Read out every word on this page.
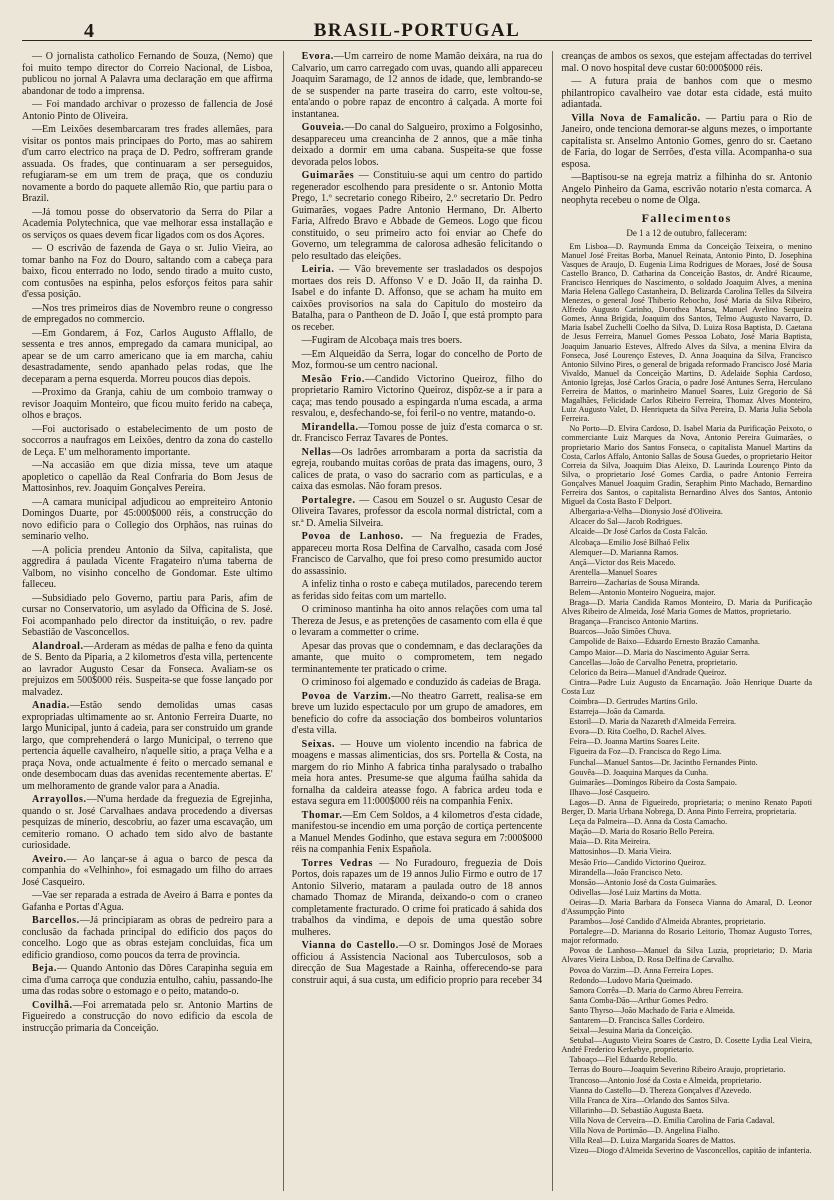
4	BRASIL-PORTUGAL

— O jornalista catholico Fernando de Souza, (Nemo) que foi muito tempo director do Correio Nacional, de Lisboa, publicou no jornal A Palavra uma declaração em que affirma abandonar de todo a imprensa.

— Foi mandado archivar o prozesso de fallencia de José Antonio Pinto de Oliveira.

—Em Leixões desembarcaram tres frades allemães, para visitar os pontos mais principaes do Porto, mas ao sahirem d'um carro electrico na praça de D. Pedro, soffreram grande assuada. Os frades, que continuaram a ser perseguidos, refugiaram-se em um trem de praça, que os conduziu novamente a bordo do paquete allemão Rio, que partiu para o Brazil.

—Já tomou posse do observatorio da Serra do Pilar a Academia Polytechnica, que vae melhorar essa installação e os serviços os quaes devem ficar ligados com os dos Açores.

— O escrivão de fazenda de Gaya o sr. Julio Vieira, ao tomar banho na Foz do Douro, saltando com a cabeça para baixo, ficou enterrado no lodo, sendo tirado a muito custo, com contusões na espinha, pelos esforços feitos para sahir d'essa posição.

—Nos tres primeiros dias de Novembro reune o congresso de empregados no commercio.

—Em Gondarem, á Foz, Carlos Augusto Afflallo, de sessenta e tres annos, empregado da camara municipal, ao apear se de um carro americano que ia em marcha, cahiu desastradamente, sendo apanhado pelas rodas, que lhe deceparam a perna esquerda. Morreu poucos dias depois.

—Proximo da Granja, cahiu de um comboio tramway o revisor Joaquim Monteiro, que ficou muito ferido na cabeça, olhos e braços.

—Foi auctorisado o estabelecimento de um posto de soccorros a naufragos em Leixões, dentro da zona do castello de Leça. E' um melhoramento importante.

—Na accasião em que dizia missa, teve um ataque apopletico o capellão da Real Confraria do Bom Jesus de Mattosinhos, rev. Joaquim Gonçalves Pereira.

—A camara municipal adjudicou ao empreiteiro Antonio Domingos Duarte, por 45:000$000 réis, a construcção do novo edificio para o Collegio dos Orphãos, nas ruinas do seminario velho.

—A policia prendeu Antonio da Silva, capitalista, que aggredira á paulada Vicente Fragateiro n'uma taberna de Valbom, no visinho concelho de Gondomar. Este ultimo falleceu.

—Subsidiado pelo Governo, partiu para Paris, afim de cursar no Conservatorio, um asylado da Officina de S. José. Foi acompanhado pelo director da instituição, o rev. padre Sebastião de Vasconcellos.

Alandroal.—Arderam as médas de palha e feno da quinta de S. Bento da Piparia, a 2 kilometros d'esta villa, pertencente ao lavrador Augusto Cesar da Fonseca. Avaliam-se os prejuizos em 500$000 réis. Suspeita-se que fosse lançado por malvadez.

Anadia.—Estão sendo demolidas umas casas expropriadas ultimamente ao sr. Antonio Ferreira Duarte, no largo Municipal, junto á cadeia, para ser construido um grande largo, que comprehenderá o largo Municipal, o terreno que pertencia áquelle cavalheiro, n'aquelle sitio, a praça Velha e a praça Nova, onde actualmente é feito o mercado semanal e onde desembocam duas das avenidas recentemente abertas. E' um melhoramento de grande valor para a Anadia.

Arrayollos.—N'uma herdade da freguezia de Egrejinha, quando o sr. José Carvalhaes andava procedendo a diversas pesquizas de minerio, descobriu, ao fazer uma escavação, um cemiterio romano. O achado tem sido alvo de bastante curiosidade.

Aveiro.— Ao lançar-se á agua o barco de pesca da companhia do «Velhinho», foi esmagado um filho do arraes José Casqueiro.

—Vae ser reparada a estrada de Aveiro á Barra e pontes da Gafanha e Portas d'Agua.

Barcellos.—Já principiaram as obras de pedreiro para a conclusão da fachada principal do edificio dos paços do concelho. Logo que as obras estejam concluidas, fica um edificio grandioso, como poucos da terra de provincia.

Beja.— Quando Antonio das Dôres Carapinha seguia em cima d'uma carroça que conduzia entulho, cahiu, passando-lhe uma das rodas sobre o estomago e o peito, matando-o.

Covilhã.—Foi arrematada pelo sr. Antonio Martins de Figueiredo a construcção do novo edificio da escola de instrucção primaria da Conceição.

Evora.—Um carreiro de nome Mamão deixára, na rua do Calvario, um carro carregado com uvas, quando alli appareceu Joaquim Saramago, de 12 annos de idade, que, lembrando-se de se suspender na parte traseira do carro, este voltou-se, enta'ando o pobre rapaz de encontro á calçada. A morte foi instantanea.

Gouveia.—Do canal do Salgueiro, proximo a Folgosinho, desappareceu uma creancinha de 2 annos, que a mãe tinha deixado a dormir em uma cabana. Suspeita-se que fosse devorada pelos lobos.

Guimarães — Constituiu-se aqui um centro do partido regenerador escolhendo para presidente o sr. Antonio Motta Prego, 1.º secretario conego Ribeiro, 2.º secretario Dr. Pedro Guimarães, vogaes Padre Antonio Hermano, Dr. Alberto Faria, Alfredo Bravo e Abbade de Gemeos. Logo que ficou constituido, o seu primeiro acto foi enviar ao Chefe do Governo, um telegramma de calorosa adhesão felicitando o pelo resultado das eleições.

Leiria. — Vão brevemente ser trasladados os despojos mortaes dos reis D. Affonso V e D. João II, da rainha D. Isabel e do infante D. Affonso, que se acham ha muito em caixões provisorios na sala do Capitulo do mosteiro da Batalha, para o Pantheon de D. João I, que está prompto para os receber.

—Fugiram de Alcobaça mais tres boers.

—Em Alqueidão da Serra, logar do concelho de Porto de Moz, formou-se um centro nacional.

Mesão Frio.—Candido Victorino Queiroz, filho do proprietario Ramiro Victorino Queiroz, dispôz-se a ir para a caça; mas tendo pousado a espingarda n'uma escada, a arma resvalou, e, desfechando-se, foi feril-o no ventre, matando-o.

Mirandella.—Tomou posse de juiz d'esta comarca o sr. dr. Francisco Ferraz Tavares de Pontes.

Nellas—Os ladrões arrombaram a porta da sacristia da egreja, roubando muitas corôas de prata das imagens, ouro, 3 calices de prata, o vaso do sacrario com as particulas, e a caixa das esmolas. Não foram presos.

Portalegre. — Casou em Souzel o sr. Augusto Cesar de Oliveira Tavares, professor da escola normal districtal, com a sr.ª D. Amelia Silveira.

Povoa de Lanhoso. — Na freguezia de Frades, appareceu morta Rosa Delfina de Carvalho, casada com José Francisco de Carvalho, que foi preso como presumido auctor do assassinio.

A infeliz tinha o rosto e cabeça mutilados, parecendo terem as feridas sido feitas com um martello.

O criminoso mantinha ha oito annos relações com uma tal Thereza de Jesus, e as pretenções de casamento com ella é que o levaram a commetter o crime.

Apesar das provas que o condemnam, e das declarações da amante, que muito o comprometem, tem negado terminantemente ter praticado o crime.

O criminoso foi algemado e conduzido ás cadeias de Braga.

Povoa de Varzim.—No theatro Garrett, realisa-se em breve um luzido espectaculo por um grupo de amadores, em beneficio do cofre da associação dos bombeiros voluntarios d'esta villa.

Seixas. — Houve um violento incendio na fabrica de moagens e massas alimenticias, dos srs. Portella & Costa, na margem do rio Minho A fabrica tinha paralysado o trabalho meia hora antes. Presume-se que alguma faúlha sahida da fornalha da caldeira ateasse fogo. A fabrica ardeu toda e estava segura em 11:000$000 réis na companhia Fenix.

Thomar.—Em Cem Soldos, a 4 kilometros d'esta cidade, manifestou-se incendio em uma porção de cortiça pertencente a Manuel Mendes Godinho, que estava segura em 7:000$000 réis na companhia Fenix Española.

Torres Vedras — No Furadouro, freguezia de Dois Portos, dois rapazes um de 19 annos Julio Firmo e outro de 17 Antonio Silverio, mataram a paulada outro de 18 annos chamado Thomaz de Miranda, deixando-o com o craneo completamente fracturado. O crime foi praticado á sahida dos trabalhos da vindima, e depois de uma questão sobre mulheres.

Vianna do Castello.—O sr. Domingos José de Moraes officiou á Assistencia Nacional aos Tuberculosos, sob a direcção de Sua Magestade a Rainha, offerecendo-se para construir aqui, á sua custa, um edificio proprio para receber 34

creanças de ambos os sexos, que estejam affectadas do terrivel mal. O novo hospital deve custar 60:000$000 réis.

— A futura praia de banhos com que o mesmo philantropico cavalheiro vae dotar esta cidade, está muito adiantada.

Villa Nova de Famalicão. — Partiu para o Rio de Janeiro, onde tenciona demorar-se alguns mezes, o importante capitalista sr. Anselmo Antonio Gomes, genro do sr. Caetano de Faria, do logar de Serrões, d'esta villa. Acompanha-o sua esposa.

—Baptisou-se na egreja matriz a filhinha do sr. Antonio Angelo Pinheiro da Gama, escrivão notario n'esta comarca. A neophyta recebeu o nome de Olga.

Fallecimentos
De 1 a 12 de outubro, falleceram:

Em Lisboa—D. Raymunda Emma da Conceição Teixeira, o menino Manuel José Freitas Borba, Manuel Reinata, Antonio Pinto, D. Josephina Vasques de Araujo, D. Eugenia Lima Rodrigues de Moraes, José de Sousa Castello Branco, D. Catharina da Conceição Bastos, dr. André Ricaume, Francisco Henriques do Nascimento, o soldado Joaquim Alves, a menina Maria Helena Gallego Castanheira, D. Belizarda Carolina Telles da Silveira Menezes, o general José Thiberio Rebocho, José Maria da Silva Ribeiro, Alfredo Augusto Carinho, Dorothea Marsa, Manuel Avelino Sequeira Gomes, Anna Brigida, Joaquim dos Santos, Telmo Augusto Navarro, D. Maria Isabel Zuchelli Coelho da Silva, D. Luiza Rosa Baptista, D. Caetana de Jesus Ferreira, Manuel Gomes Pessoa Lobato, José Maria Baptista, Joaquim Januario Esteves, Alfredo Alves da Silva, a menina Elvira da Fonseca, José Lourenço Esteves, D. Anna Joaquina da Silva, Francisco Antonio Silvino Pires, o general de brigada reformado Francisco José Maria Vivaldo, Manuel da Conceição Martins, D. Adelaide Sophia Cardoso, Antonio Igrejas, José Carlos Gracia, o padre José Antunes Serra, Herculano Ferreira de Mattos, o marinheiro Manuel Soares, Luiz Gregorio de Sá Magalhães, Felicidade Carlos Ribeiro Ferreira, Thomaz Alves Monteiro, Luiz Augusto Valet, D. Henriqueta da Silva Pereira, D. Maria Julia Sebola Ferreira.

No Porto—D. Elvira Cardoso, D. Isabel Maria da Purificação Peixoto, o commerciante Luiz Marques da Nova, Antonio Pereira Guimarães, o proprietario Mario dos Santos Fonseca, o capitalista Manuel Martins da Costa, Carlos Affalo, Antonio Sallas de Sousa Guedes, o proprietario Heitor Correia da Silva, Joaquim Dias Aleixo, D. Laurinda Lourenço Pinto da Silva, o proprietario José Gomes Cardia, o padre Antonio Ferreira Gonçalves Manuel Joaquim Gradin, Seraphim Pinto Machado, Bernardino Ferreira dos Santos, o capitalista Bernardino Alves dos Santos, Antonio Miguel da Costa Basto F Delport.

Albergaria-a-Velha—Dionysio José d'Oliveira.

Alcacer do Sal—Jacob Rodrigues.

Alcaide—Dr José Carlos da Costa Falcão.

Alcobaça—Emilio José Bilhaó Felix

Alemquer—D. Marianna Ramos.

Ançã—Victor dos Reis Macedo.

Arentella—Manuel Soares

Barreiro—Zacharias de Sousa Miranda.

Belem—Antonio Monteiro Nogueira, major.

Braga—D. Maria Candida Ramos Monteiro, D. Maria da Purificação Alves Ribeiro de Almeida, José Maria Gomes de Mattos, proprietario.

Bragança—Francisco Antonio Martins.

Buarcos—João Simões Chuva.

Campolide de Baixo—Eduardo Ernesto Brazão Camanha.

Campo Maior—D. Maria do Nascimento Aguiar Serra.

Cancellas—João de Carvalho Penetra, proprietario.

Celorico da Beira—Manuel d'Andrade Queiroz.

Cintra—Padre Luiz Augusto da Encarnação. João Henrique Duarte da Costa Luz

Coimbra—D. Gertrudes Martins Grilo.

Estarreja—João da Camarda.

Estoril—D. Maria da Nazareth d'Almeida Ferreira.

Evora—D. Rita Coelho, D. Rachel Alves.

Feira—D. Joanna Martins Soares Leite.

Figueira da Foz—D. Francisca do Rego Lima.

Funchal—Manuel Santos—Dr. Jacintho Fernandes Pinto.

Gouvêa—D. Joaquina Marques da Cunha.

Guimarães—Domingos Ribeiro da Costa Sampaio.

Ilhavo—José Casqueiro.

Lagos—D. Anna de Figueiredo, proprietaria; o menino Renato Papoti Berger, D. Maria Urbana Nobrega, D. Anna Pinto Ferreira, proprietaria.

Leça da Palmeira—D. Anna da Costa Camacho.

Mação—D. Maria do Rosario Bello Pereira.

Maia—D. Rita Meireira.

Mattosinhos—D. Maria Vieira.

Mesão Frio—Candido Victorino Queiroz.

Mirandella—João Francisco Neto.

Monsão—Antonio José da Costa Guimarães.

Odivellas—José Luiz Martins da Motta.

Oeiras—D. Maria Barbara da Fonseca Vianna do Amaral, D. Leonor d'Assumpção Pinto

Parambos—José Candido d'Almeida Abrantes, proprietario.

Portalegre—D. Marianna do Rosario Leitorio, Thomaz Augusto Torres, major reformado.

Povoa de Lanhoso—Manuel da Silva Luzia, proprietario; D. Maria Alvares Vieira Lisboa, D. Rosa Delfina de Carvalho.

Povoa do Varzim—D. Anna Ferreira Lopes.

Redondo—Ludovo Maria Queimado.

Samora Corrêa—D. Maria do Carmo Abreu Ferreira.

Santa Comba-Dão—Arthur Gomes Pedro.

Santo Thyrso—João Machado de Faria e Almeida.

Santarem—D. Francisca Salles Cordeiro.

Seixal—Jesuina Maria da Conceição.

Setubal—Augusto Vieira Soares de Castro, D. Cosette Lydia Leal Vieira, André Frederico Kerkebye, proprietario.

Taboaço—Fiel Eduardo Rebello.

Terras do Bouro—Joaquim Severino Ribeiro Araujo, proprietario.

Trancoso—Antonio José da Costa e Almeida, proprietario.

Vianna do Castello—D. Thereza Gonçalves d'Azevedo.

Villa Franca de Xira—Orlando dos Santos Silva.

Villarinho—D. Sebastião Augusta Baeta.

Villa Nova de Cerveira—D. Emilia Carolina de Faria Cadaval.

Villa Nova de Portimão—D. Angelina Fialho.

Villa Real—D. Luiza Margarida Soares de Mattos.

Vizeu—Diogo d'Almeida Severino de Vasconcellos, capitão de infanteria.
